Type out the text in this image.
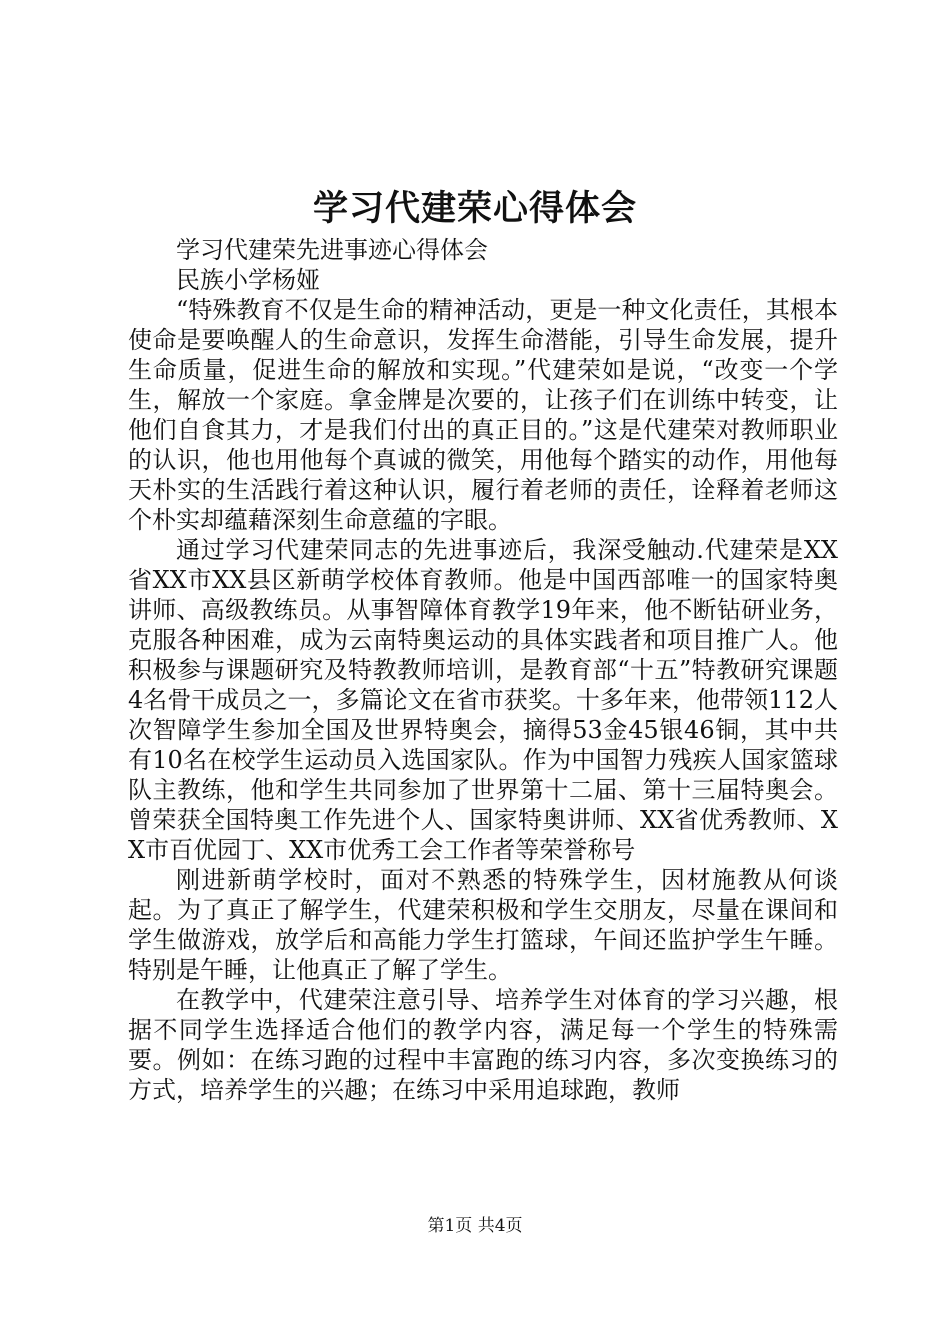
学习代建荣心得体会

学习代建荣先进事迹心得体会

民族小学杨娅

“特殊教育不仅是生命的精神活动，更是一种文化责任，其根本使命是要唤醒人的生命意识，发挥生命潜能，引导生命发展，提升生命质量，促进生命的解放和实现。”代建荣如是说，“改变一个学生，解放一个家庭。拿金牌是次要的，让孩子们在训练中转变，让他们自食其力，才是我们付出的真正目的。”这是代建荣对教师职业的认识，他也用他每个真诚的微笑，用他每个踏实的动作，用他每天朴实的生活践行着这种认识，履行着老师的责任，诠释着老师这个朴实却蕴藉深刻生命意蕴的字眼。

通过学习代建荣同志的先进事迹后，我深受触动.代建荣是XX省XX市XX县区新萌学校体育教师。他是中国西部唯一的国家特奥讲师、高级教练员。从事智障体育教学19年来，他不断钻研业务，克服各种困难，成为云南特奥运动的具体实践者和项目推广人。他积极参与课题研究及特教教师培训，是教育部“十五”特教研究课题4名骨干成员之一，多篇论文在省市获奖。十多年来，他带领112人次智障学生参加全国及世界特奥会，摘得53金45银46铜，其中共有10名在校学生运动员入选国家队。作为中国智力残疾人国家篮球队主教练，他和学生共同参加了世界第十二届、第十三届特奥会。曾荣获全国特奥工作先进个人、国家特奥讲师、XX省优秀教师、XX市百优园丁、XX市优秀工会工作者等荣誉称号

刚进新萌学校时，面对不熟悉的特殊学生，因材施教从何谈起。为了真正了解学生，代建荣积极和学生交朋友，尽量在课间和学生做游戏，放学后和高能力学生打篮球，午间还监护学生午睡。特别是午睡，让他真正了解了学生。

在教学中，代建荣注意引导、培养学生对体育的学习兴趣，根据不同学生选择适合他们的教学内容，满足每一个学生的特殊需要。例如：在练习跑的过程中丰富跑的练习内容，多次变换练习的方式，培养学生的兴趣；在练习中采用追球跑，教师

第1页 共4页
